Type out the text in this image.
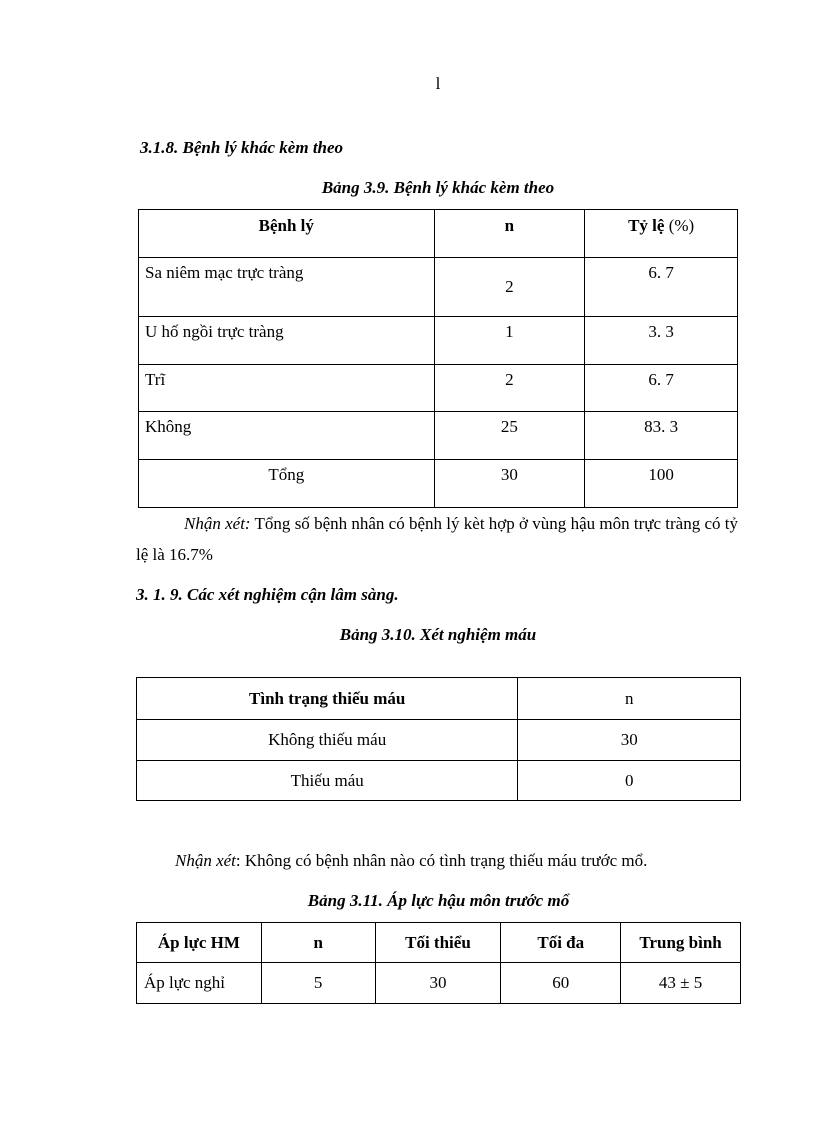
l
3.1.8. Bệnh lý khác kèm theo
Bảng 3.9. Bệnh lý khác kèm theo
Bệnh lý	n	Tỷ lệ (%)
Sa niêm mạc trực tràng	2	6. 7
U hố ngồi trực tràng	1	3. 3
Trĩ	2	6. 7
Không	25	83. 3
Tổng	30	100
Nhận xét: Tổng số bệnh nhân có bệnh lý kèt hợp ở vùng hậu môn trực tràng có tỷ lệ là 16.7%
3. 1. 9. Các xét nghiệm cận lâm sàng.
Bảng 3.10. Xét nghiệm máu
Tình trạng thiếu máu	n
Không thiếu máu	30
Thiếu máu	0
Nhận xét: Không có bệnh nhân nào có tình trạng thiếu máu trước mổ.
Bảng 3.11. Áp lực hậu môn trước mổ
Áp lực HM	n	Tối thiểu	Tối đa	Trung bình
Áp lực nghỉ	5	30	60	43 ± 5
